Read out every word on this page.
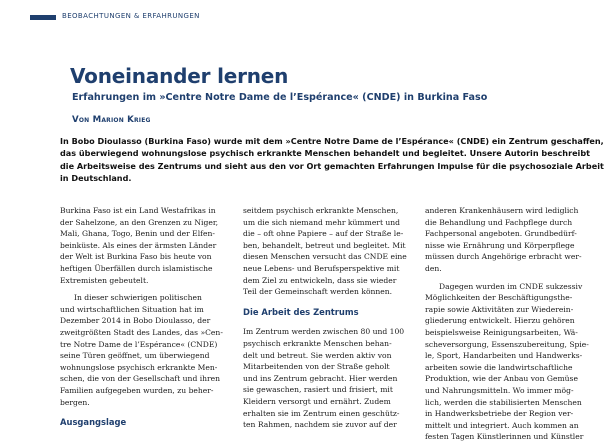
BEOBACHTUNGEN & ERFAHRUNGEN
Voneinander lernen
Erfahrungen im »Centre Notre Dame de l’Espérance« (CNDE) in Burkina Faso
Von Marion Krieg
In Bobo Dioulasso (Burkina Faso) wurde mit dem »Centre Notre Dame de l’Espérance« (CNDE) ein Zentrum geschaffen,
das überwiegend wohnungslose psychisch erkrankte Menschen behandelt und begleitet. Unsere Autorin beschreibt
die Arbeitsweise des Zentrums und sieht aus den vor Ort gemachten Erfahrungen Impulse für die psychosoziale Arbeit
in Deutschland.
Burkina Faso ist ein Land Westafrikas in
der Sahelzone, an den Grenzen zu Niger,
Mali, Ghana, Togo, Benin und der Elfen-
beinküste. Als eines der ärmsten Länder
der Welt ist Burkina Faso bis heute von
heftigen Überfällen durch islamistische
Extremisten gebeutelt.
In dieser schwierigen politischen
und wirtschaftlichen Situation hat im
Dezember 2014 in Bobo Dioulasso, der
zweitgrößten Stadt des Landes, das »Cen-
tre Notre Dame de l’Espérance« (CNDE)
seine Türen geöffnet, um überwiegend
wohnungslose psychisch erkrankte Men-
schen, die von der Gesellschaft und ihren
Familien aufgegeben wurden, zu beher-
bergen.
Ausgangslage
seitdem psychisch erkrankte Menschen,
um die sich niemand mehr kümmert und
die – oft ohne Papiere – auf der Straße le-
ben, behandelt, betreut und begleitet. Mit
diesen Menschen versucht das CNDE eine
neue Lebens- und Berufsperspektive mit
dem Ziel zu entwickeln, dass sie wieder
Teil der Gemeinschaft werden können.
Die Arbeit des Zentrums
Im Zentrum werden zwischen 80 und 100
psychisch erkrankte Menschen behan-
delt und betreut. Sie werden aktiv von
Mitarbeitenden von der Straße geholt
und ins Zentrum gebracht. Hier werden
sie gewaschen, rasiert und frisiert, mit
Kleidern versorgt und ernährt. Zudem
erhalten sie im Zentrum einen geschütz-
ten Rahmen, nachdem sie zuvor auf der
anderen Krankenhäusern wird lediglich
die Behandlung und Fachpflege durch
Fachpersonal angeboten. Grundbedürf-
nisse wie Ernährung und Körperpflege
müssen durch Angehörige erbracht wer-
den.
Dagegen wurden im CNDE sukzessiv
Möglichkeiten der Beschäftigungsthe-
rapie sowie Aktivitäten zur Wiederein-
gliederung entwickelt. Hierzu gehören
beispielsweise Reinigungsarbeiten, Wä-
scheversorgung, Essenszubereitung, Spie-
le, Sport, Handarbeiten und Handwerks-
arbeiten sowie die landwirtschaftliche
Produktion, wie der Anbau von Gemüse
und Nahrungsmitteln. Wo immer mög-
lich, werden die stabilisierten Menschen
in Handwerksbetriebe der Region ver-
mittelt und integriert. Auch kommen an
festen Tagen Künstlerinnen und Künstler
